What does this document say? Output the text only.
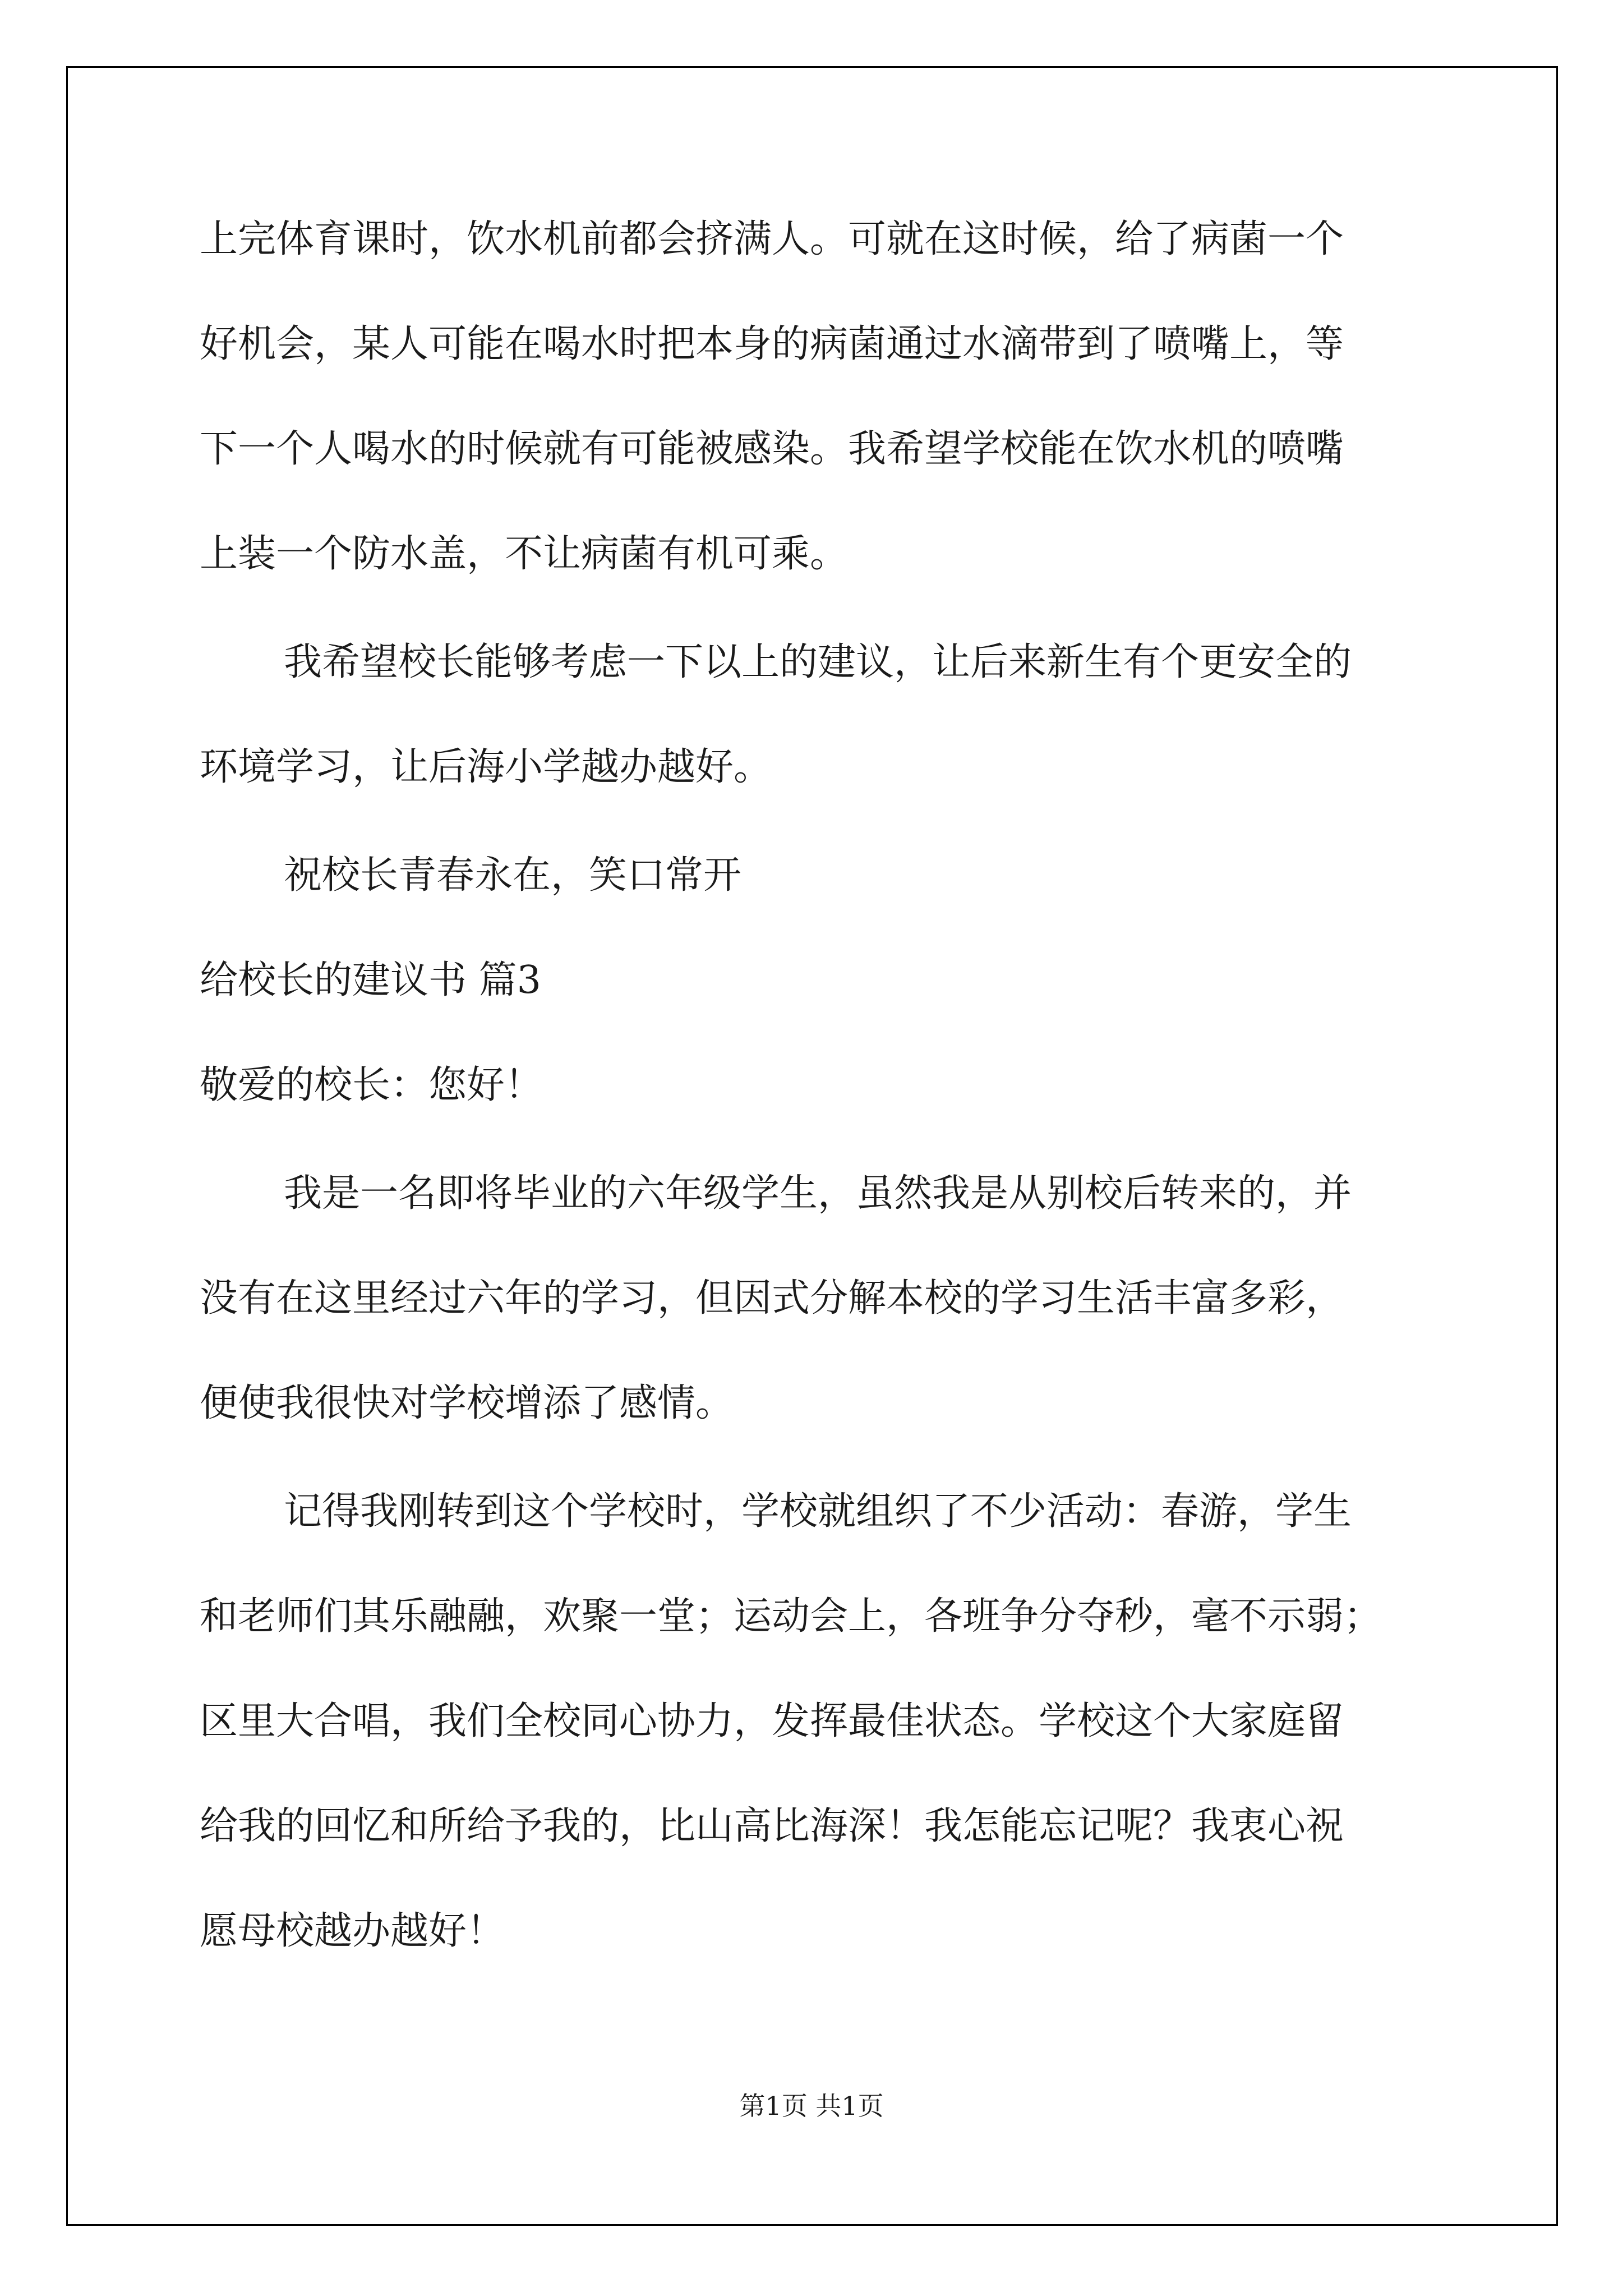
上完体育课时，饮水机前都会挤满人。可就在这时候，给了病菌一个

好机会，某人可能在喝水时把本身的病菌通过水滴带到了喷嘴上，等

下一个人喝水的时候就有可能被感染。我希望学校能在饮水机的喷嘴

上装一个防水盖，不让病菌有机可乘。

我希望校长能够考虑一下以上的建议，让后来新生有个更安全的

环境学习，让后海小学越办越好。

祝校长青春永在，笑口常开

给校长的建议书 篇3

敬爱的校长：您好！

我是一名即将毕业的六年级学生，虽然我是从别校后转来的，并

没有在这里经过六年的学习，但因式分解本校的学习生活丰富多彩，

便使我很快对学校增添了感情。

记得我刚转到这个学校时，学校就组织了不少活动：春游，学生

和老师们其乐融融，欢聚一堂；运动会上，各班争分夺秒，毫不示弱；

区里大合唱，我们全校同心协力，发挥最佳状态。学校这个大家庭留

给我的回忆和所给予我的，比山高比海深！我怎能忘记呢？我衷心祝

愿母校越办越好！

第1页 共1页
